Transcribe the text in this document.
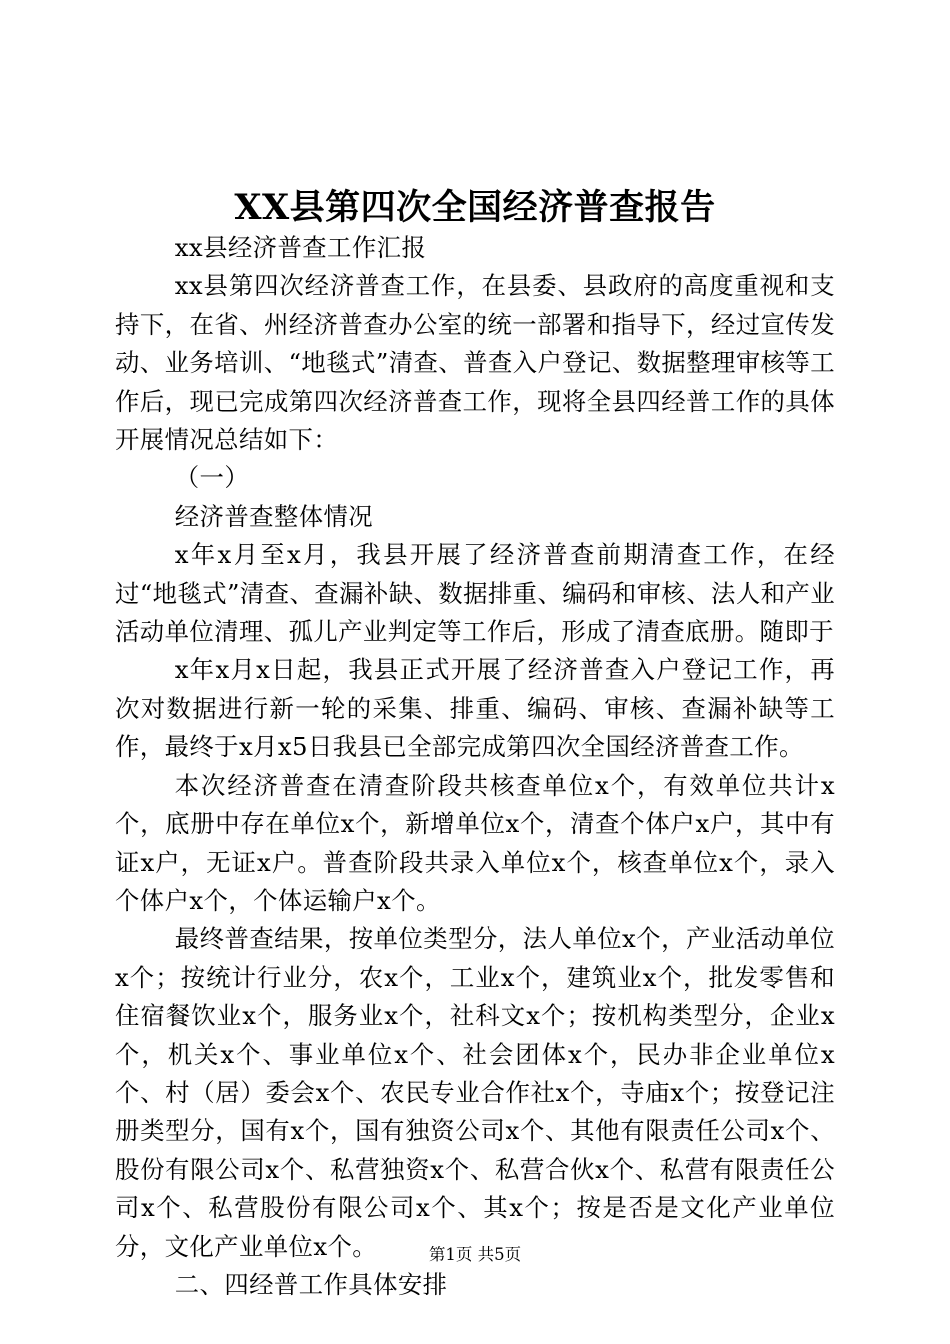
XX县第四次全国经济普查报告

xx县经济普查工作汇报

xx县第四次经济普查工作，在县委、县政府的高度重视和支持下，在省、州经济普查办公室的统一部署和指导下，经过宣传发动、业务培训、“地毯式”清查、普查入户登记、数据整理审核等工作后，现已完成第四次经济普查工作，现将全县四经普工作的具体开展情况总结如下：

（一）

经济普查整体情况

x年x月至x月，我县开展了经济普查前期清查工作，在经过“地毯式”清查、查漏补缺、数据排重、编码和审核、法人和产业活动单位清理、孤儿产业判定等工作后，形成了清查底册。随即于

x年x月x日起，我县正式开展了经济普查入户登记工作，再次对数据进行新一轮的采集、排重、编码、审核、查漏补缺等工作，最终于x月x5日我县已全部完成第四次全国经济普查工作。

本次经济普查在清查阶段共核查单位x个，有效单位共计x个，底册中存在单位x个，新增单位x个，清查个体户x户，其中有证x户，无证x户。普查阶段共录入单位x个，核查单位x个，录入个体户x个，个体运输户x个。

最终普查结果，按单位类型分，法人单位x个，产业活动单位x个；按统计行业分，农x个，工业x个，建筑业x个，批发零售和住宿餐饮业x个，服务业x个，社科文x个；按机构类型分，企业x个，机关x个、事业单位x个、社会团体x个，民办非企业单位x个、村（居）委会x个、农民专业合作社x个，寺庙x个；按登记注册类型分，国有x个，国有独资公司x个、其他有限责任公司x个、股份有限公司x个、私营独资x个、私营合伙x个、私营有限责任公司x个、私营股份有限公司x个、其x个；按是否是文化产业单位分，文化产业单位x个。

二、四经普工作具体安排

第1页 共5页
